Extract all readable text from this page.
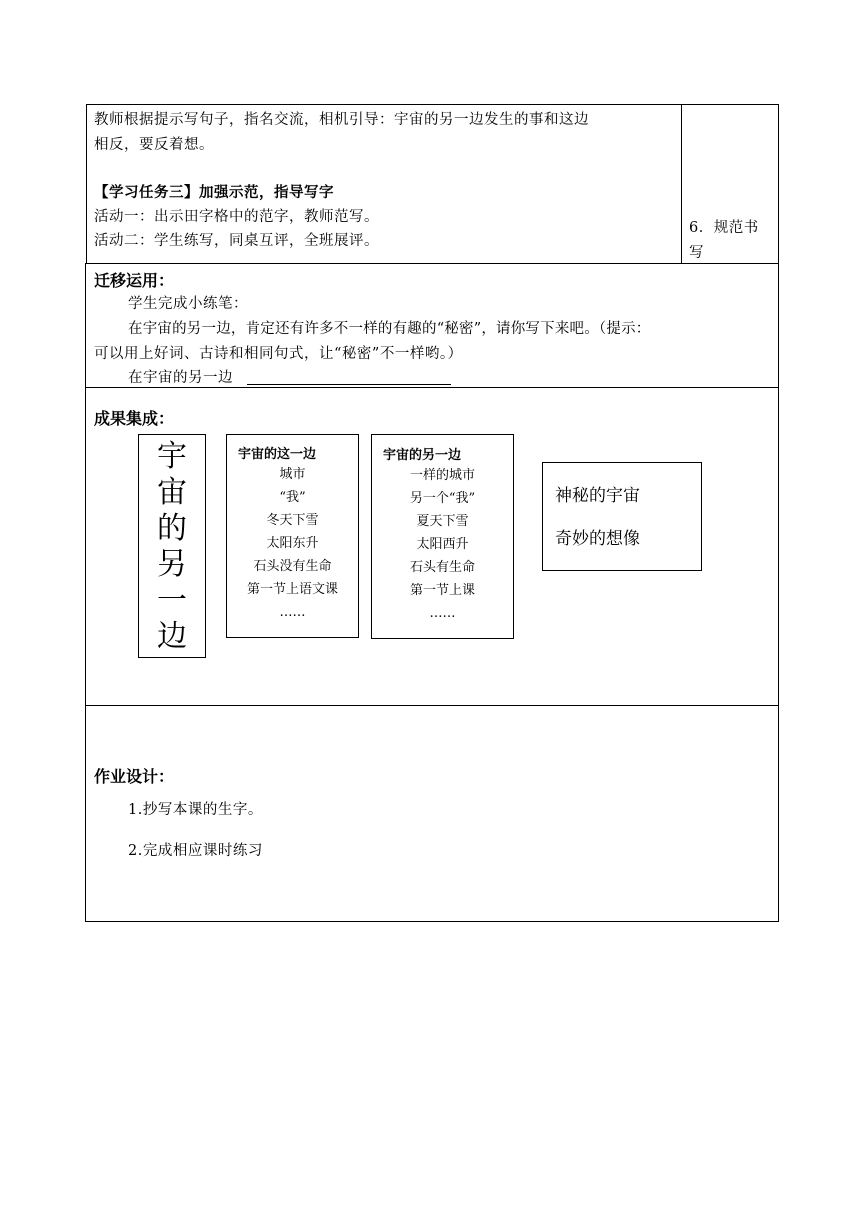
教师根据提示写句子，指名交流，相机引导：宇宙的另一边发生的事和这边
相反，要反着想。
【学习任务三】加强示范，指导写字
活动一：出示田字格中的范字，教师范写。
活动二：学生练写，同桌互评，全班展评。
6．规范书写
迁移运用：
学生完成小练笔：
在宇宙的另一边，肯定还有许多不一样的有趣的“秘密”，请你写下来吧。（提示：
可以用上好词、古诗和相同句式，让“秘密”不一样哟。）
在宇宙的另一边
成果集成：
宇
宙
的
另
一
边
宇宙的这一边
城市
“我”
冬天下雪
太阳东升
石头没有生命
第一节上语文课
……
宇宙的另一边
一样的城市
另一个“我”
夏天下雪
太阳西升
石头有生命
第一节上课
……
神秘的宇宙
奇妙的想像
作业设计：
1.抄写本课的生字。
2.完成相应课时练习
